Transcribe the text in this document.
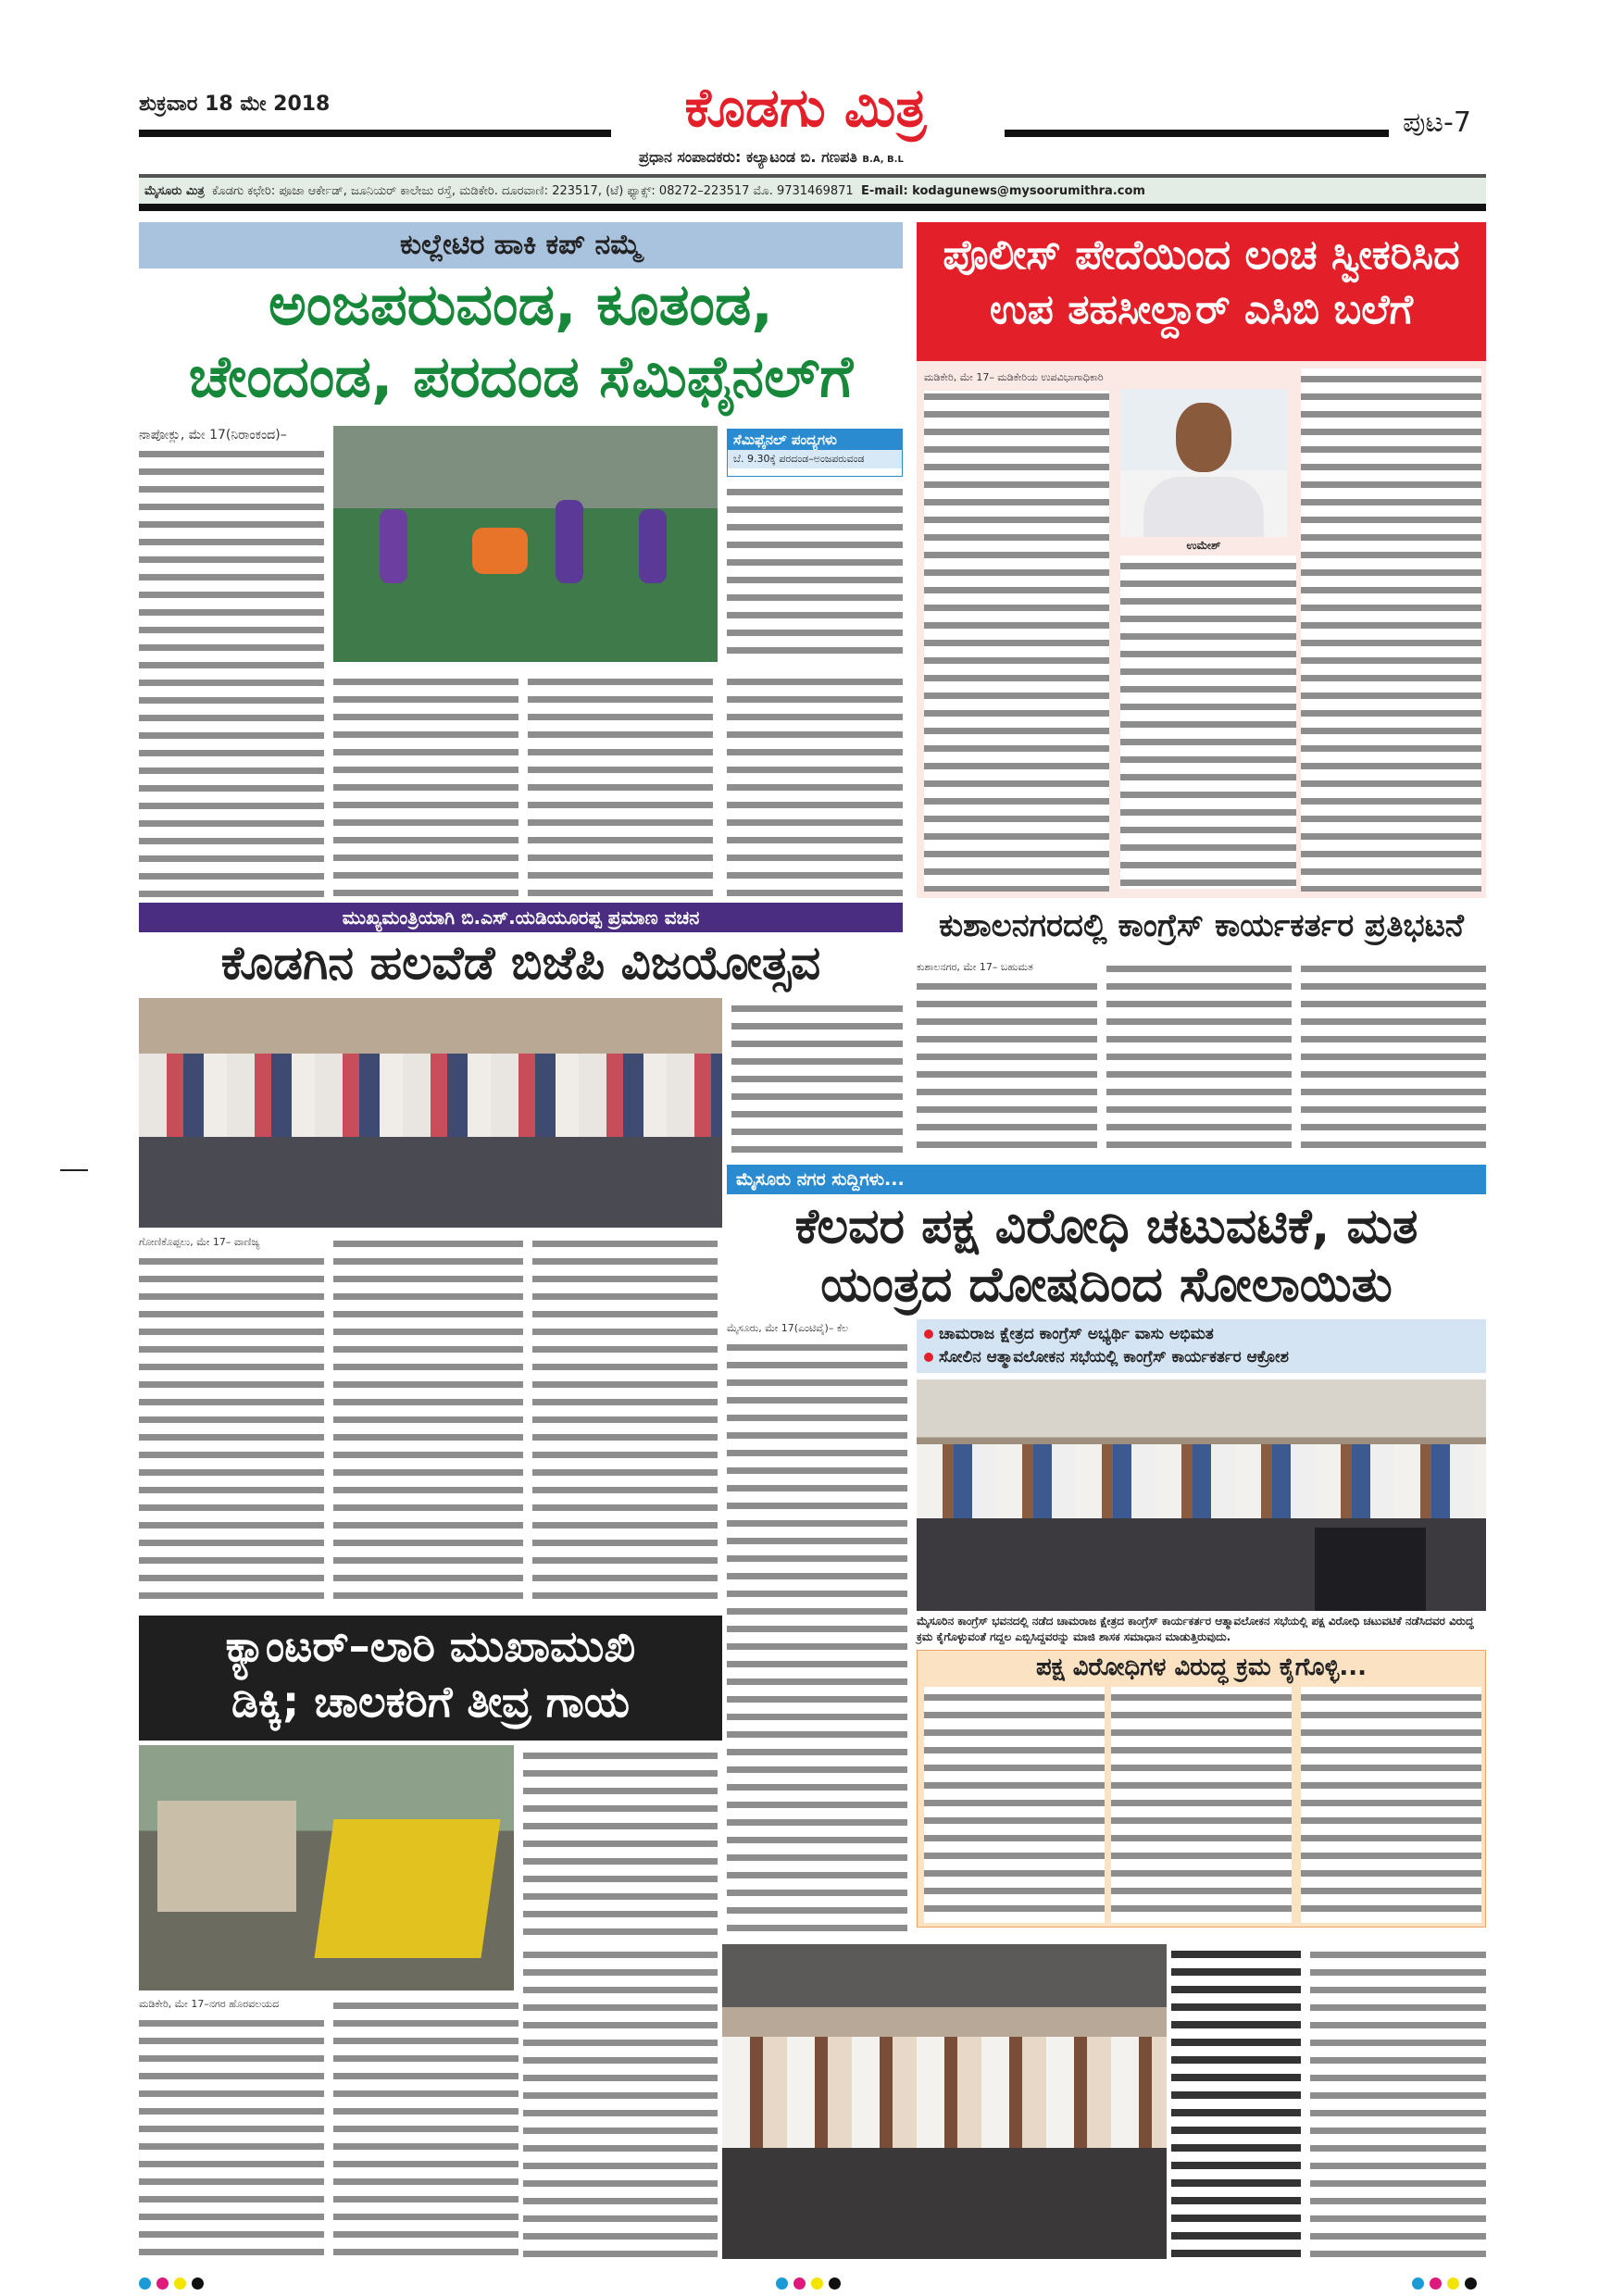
ಶುಕ್ರವಾರ 18 ಮೇ 2018	ಕೊಡಗು ಮಿತ್ರ	ಪುಟ-7
ಪ್ರಧಾನ ಸಂಪಾದಕರು: ಕಲ್ಯಾಟಂಡ ಬಿ. ಗಣಪತಿ B.A, B.L
ಮೈಸೂರು ಮಿತ್ರ ಕೊಡಗು ಕಛೇರಿ: ಪೂಜಾ ಆರ್ಕೇಡ್, ಜೂನಿಯರ್ ಕಾಲೇಜು ರಸ್ತೆ, ಮಡಿಕೇರಿ. ದೂರವಾಣಿ: 223517, (ಟೆ) ಫ್ಯಾಕ್ಸ್: 08272–223517 ಮೊ. 9731469871 E-mail: kodagunews@mysoorumithra.com
ಕುಲ್ಲೇಟಿರ ಹಾಕಿ ಕಪ್ ನಮ್ಮೆ
ಅಂಜಪರುವಂಡ, ಕೂತಂಡ,
ಚೇಂದಂಡ, ಪರದಂಡ ಸೆಮಿಫೈನಲ್‌ಗೆ
ನಾಪೋಕ್ಲು, ಮೇ 17(ನಿರಾಂಕಂದ)–	ಸೆಮಿಫೈನಲ್ ಪಂದ್ಯಗಳು
ಬೆ. 9.30ಕ್ಕೆ ಪರದಂಡ–ಅಂಜಪರುವಂಡ
ಪೊಲೀಸ್ ಪೇದೆಯಿಂದ ಲಂಚ ಸ್ವೀಕರಿಸಿದ
ಉಪ ತಹಸೀಲ್ದಾರ್ ಎಸಿಬಿ ಬಲೆಗೆ
ಮಡಿಕೇರಿ, ಮೇ 17– ಮಡಿಕೇರಿಯ ಉಪವಿಭಾಗಾಧಿಕಾರಿ
ಉಮೇಶ್
ಮುಖ್ಯಮಂತ್ರಿಯಾಗಿ ಬಿ.ಎಸ್.ಯಡಿಯೂರಪ್ಪ ಪ್ರಮಾಣ ವಚನ
ಕೊಡಗಿನ ಹಲವೆಡೆ ಬಿಜೆಪಿ ವಿಜಯೋತ್ಸವ
ಗೋಣಿಕೊಪ್ಪಲು, ಮೇ 17– ವಾಣಿಜ್ಯ
ಕುಶಾಲನಗರದಲ್ಲಿ ಕಾಂಗ್ರೆಸ್ ಕಾರ್ಯಕರ್ತರ ಪ್ರತಿಭಟನೆ
ಕುಶಾಲನಗರ, ಮೇ 17– ಬಹುಮತ
ಮೈಸೂರು ನಗರ ಸುದ್ದಿಗಳು...
ಕೆಲವರ ಪಕ್ಷ ವಿರೋಧಿ ಚಟುವಟಿಕೆ, ಮತ
ಯಂತ್ರದ ದೋಷದಿಂದ ಸೋಲಾಯಿತು
ಮೈಸೂರು, ಮೇ 17(ಎಂಟಿವೈ)– ಕೆಲ	ಚಾಮರಾಜ ಕ್ಷೇತ್ರದ ಕಾಂಗ್ರೆಸ್ ಅಭ್ಯರ್ಥಿ ವಾಸು ಅಭಿಮತ
ಸೋಲಿನ ಆತ್ಮಾವಲೋಕನ ಸಭೆಯಲ್ಲಿ ಕಾಂಗ್ರೆಸ್ ಕಾರ್ಯಕರ್ತರ ಆಕ್ರೋಶ
ಮೈಸೂರಿನ ಕಾಂಗ್ರೆಸ್ ಭವನದಲ್ಲಿ ನಡೆದ ಚಾಮರಾಜ ಕ್ಷೇತ್ರದ ಕಾಂಗ್ರೆಸ್ ಕಾರ್ಯಕರ್ತರ ಆತ್ಮಾವಲೋಕನ ಸಭೆಯಲ್ಲಿ ಪಕ್ಷ ವಿರೋಧಿ ಚಟುವಟಿಕೆ ನಡೆಸಿದವರ ವಿರುದ್ಧ ಕ್ರಮ ಕೈಗೊಳ್ಳುವಂತೆ ಗದ್ದಲ ಎಬ್ಬಿಸಿದ್ದವರನ್ನು ಮಾಜಿ ಶಾಸಕ ಸಮಾಧಾನ ಮಾಡುತ್ತಿರುವುದು.
ಪಕ್ಷ ವಿರೋಧಿಗಳ ವಿರುದ್ಧ ಕ್ರಮ ಕೈಗೊಳ್ಳಿ...
ಕ್ಯಾಂಟರ್–ಲಾರಿ ಮುಖಾಮುಖಿ
ಡಿಕ್ಕಿ; ಚಾಲಕರಿಗೆ ತೀವ್ರ ಗಾಯ
ಮಡಿಕೇರಿ, ಮೇ 17–ನಗರ ಹೊರವಲಯದ
